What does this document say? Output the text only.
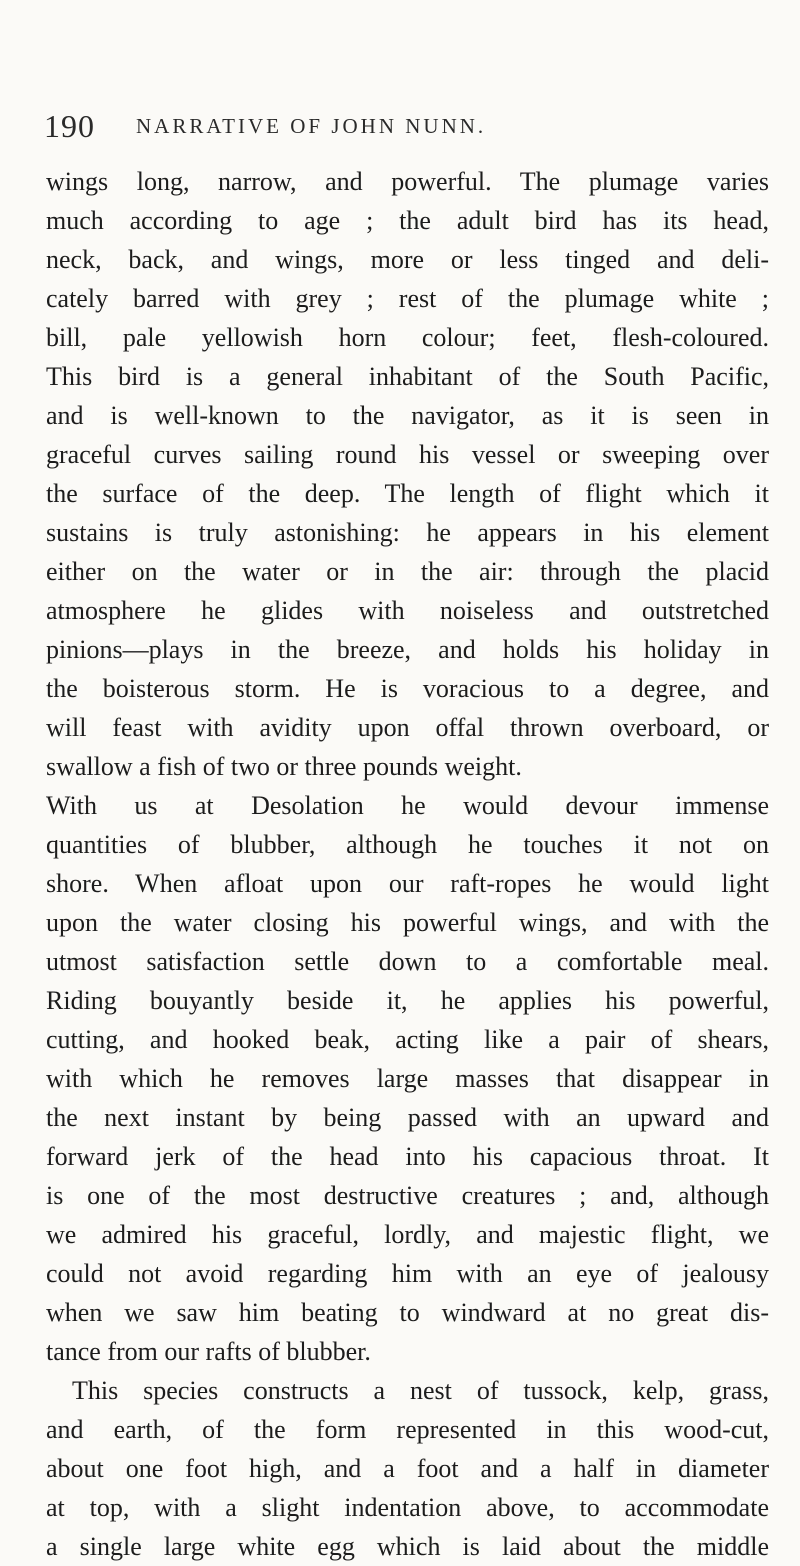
190 NARRATIVE OF JOHN NUNN.
wings long, narrow, and powerful. The plumage varies
much according to age ; the adult bird has its head,
neck, back, and wings, more or less tinged and deli-
cately barred with grey ; rest of the plumage white ;
bill, pale yellowish horn colour; feet, flesh-coloured.
This bird is a general inhabitant of the South Pacific,
and is well-known to the navigator, as it is seen in
graceful curves sailing round his vessel or sweeping over
the surface of the deep. The length of flight which it
sustains is truly astonishing: he appears in his element
either on the water or in the air: through the placid
atmosphere he glides with noiseless and outstretched
pinions—plays in the breeze, and holds his holiday in
the boisterous storm. He is voracious to a degree, and
will feast with avidity upon offal thrown overboard, or
swallow a fish of two or three pounds weight.
With us at Desolation he would devour immense
quantities of blubber, although he touches it not on
shore. When afloat upon our raft-ropes he would light
upon the water closing his powerful wings, and with the
utmost satisfaction settle down to a comfortable meal.
Riding bouyantly beside it, he applies his powerful,
cutting, and hooked beak, acting like a pair of shears,
with which he removes large masses that disappear in
the next instant by being passed with an upward and
forward jerk of the head into his capacious throat. It
is one of the most destructive creatures ; and, although
we admired his graceful, lordly, and majestic flight, we
could not avoid regarding him with an eye of jealousy
when we saw him beating to windward at no great dis-
tance from our rafts of blubber.
This species constructs a nest of tussock, kelp, grass,
and earth, of the form represented in this wood-cut,
about one foot high, and a foot and a half in diameter
at top, with a slight indentation above, to accommodate
a single large white egg which is laid about the middle
